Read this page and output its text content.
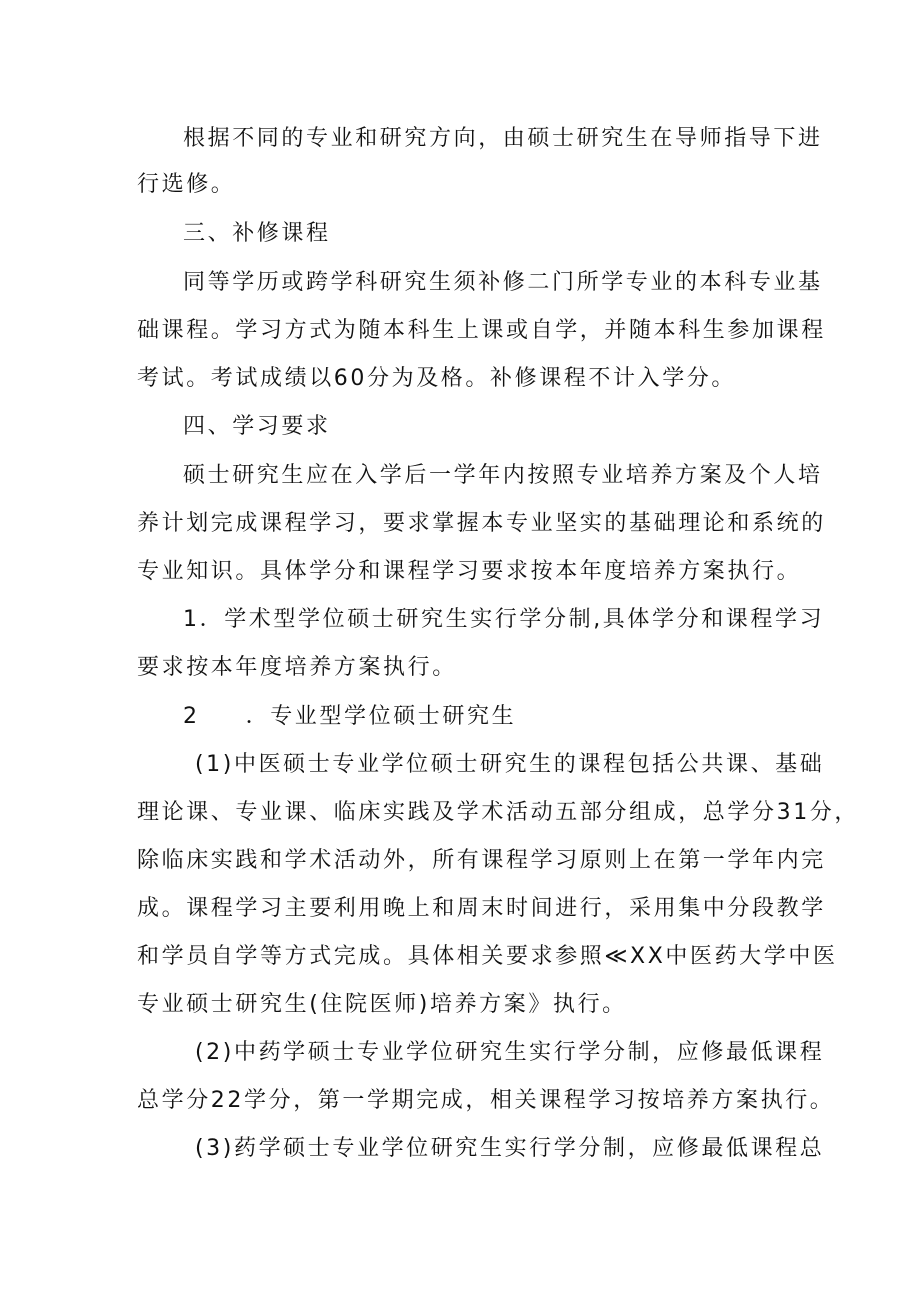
根据不同的专业和研究方向，由硕士研究生在导师指导下进
行选修。
三、补修课程
同等学历或跨学科研究生须补修二门所学专业的本科专业基
础课程。学习方式为随本科生上课或自学，并随本科生参加课程
考试。考试成绩以60分为及格。补修课程不计入学分。
四、学习要求
硕士研究生应在入学后一学年内按照专业培养方案及个人培
养计划完成课程学习，要求掌握本专业坚实的基础理论和系统的
专业知识。具体学分和课程学习要求按本年度培养方案执行。
1．学术型学位硕士研究生实行学分制,具体学分和课程学习
要求按本年度培养方案执行。
2 ．专业型学位硕士研究生
(1)中医硕士专业学位硕士研究生的课程包括公共课、基础
理论课、专业课、临床实践及学术活动五部分组成，总学分31分，
除临床实践和学术活动外，所有课程学习原则上在第一学年内完
成。课程学习主要利用晚上和周末时间进行，采用集中分段教学
和学员自学等方式完成。具体相关要求参照≪XX中医药大学中医
专业硕士研究生(住院医师)培养方案》执行。
(2)中药学硕士专业学位研究生实行学分制，应修最低课程
总学分22学分，第一学期完成，相关课程学习按培养方案执行。
(3)药学硕士专业学位研究生实行学分制，应修最低课程总
